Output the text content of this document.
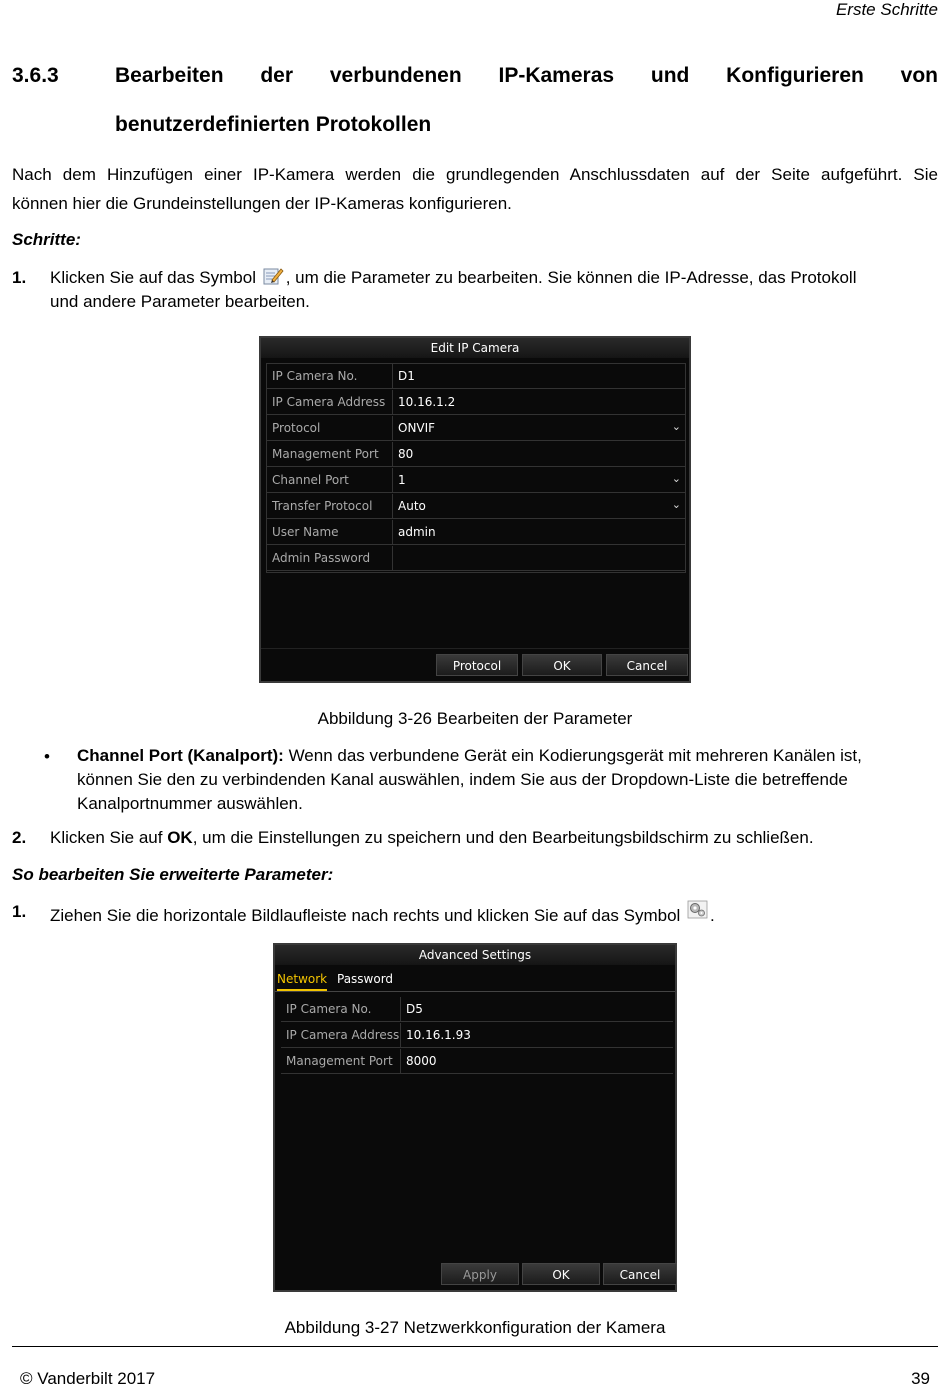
Erste Schritte
3.6.3	Bearbeiten der verbundenen IP-Kameras und Konfigurieren von
benutzerdefinierten Protokollen
Nach dem Hinzufügen einer IP-Kamera werden die grundlegenden Anschlussdaten auf der Seite aufgeführt. Sie
können hier die Grundeinstellungen der IP-Kameras konfigurieren.
Schritte:
1. Klicken Sie auf das Symbol , um die Parameter zu bearbeiten. Sie können die IP-Adresse, das Protokoll
und andere Parameter bearbeiten.
Edit IP Camera
IP Camera No.	D1
IP Camera Address	10.16.1.2
Protocol	ONVIF	⌄
Management Port	80
Channel Port	1	⌄
Transfer Protocol	Auto	⌄
User Name	admin
Admin Password
Protocol	OK	Cancel
Abbildung 3-26 Bearbeiten der Parameter
• Channel Port (Kanalport): Wenn das verbundene Gerät ein Kodierungsgerät mit mehreren Kanälen ist,
können Sie den zu verbindenden Kanal auswählen, indem Sie aus der Dropdown-Liste die betreffende
Kanalportnummer auswählen.
2. Klicken Sie auf OK, um die Einstellungen zu speichern und den Bearbeitungsbildschirm zu schließen.
So bearbeiten Sie erweiterte Parameter:
1. Ziehen Sie die horizontale Bildlaufleiste nach rechts und klicken Sie auf das Symbol .
Advanced Settings
Network Password
IP Camera No.	D5
IP Camera Address 10.16.1.93
Management Port	8000
Apply	OK	Cancel
Abbildung 3-27 Netzwerkkonfiguration der Kamera
© Vanderbilt 2017	39
